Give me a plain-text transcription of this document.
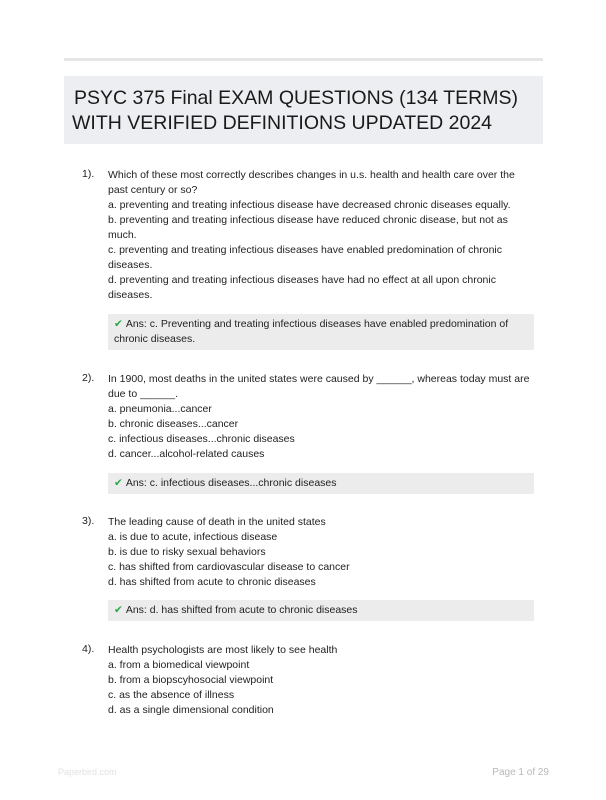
PSYC 375 Final EXAM QUESTIONS (134 TERMS)
WITH VERIFIED DEFINITIONS UPDATED 2024
1). Which of these most correctly describes changes in u.s. health and health care over the past century or so?

a. preventing and treating infectious disease have decreased chronic diseases equally.

b. preventing and treating infectious disease have reduced chronic disease, but not as much.

c. preventing and treating infectious diseases have enabled predomination of chronic diseases.

d. preventing and treating infectious diseases have had no effect at all upon chronic diseases.

✔ Ans: c. Preventing and treating infectious diseases have enabled predomination of chronic diseases.
2). In 1900, most deaths in the united states were caused by ______, whereas today must are due to ______.

a. pneumonia...cancer

b. chronic diseases...cancer

c. infectious diseases...chronic diseases

d. cancer...alcohol-related causes

✔ Ans: c. infectious diseases...chronic diseases
3). The leading cause of death in the united states

a. is due to acute, infectious disease

b. is due to risky sexual behaviors

c. has shifted from cardiovascular disease to cancer

d. has shifted from acute to chronic diseases

✔ Ans: d. has shifted from acute to chronic diseases
4). Health psychologists are most likely to see health

a. from a biomedical viewpoint

b. from a biopscyhosocial viewpoint

c. as the absence of illness

d. as a single dimensional condition

Paperbird.com	Page 1 of 29
